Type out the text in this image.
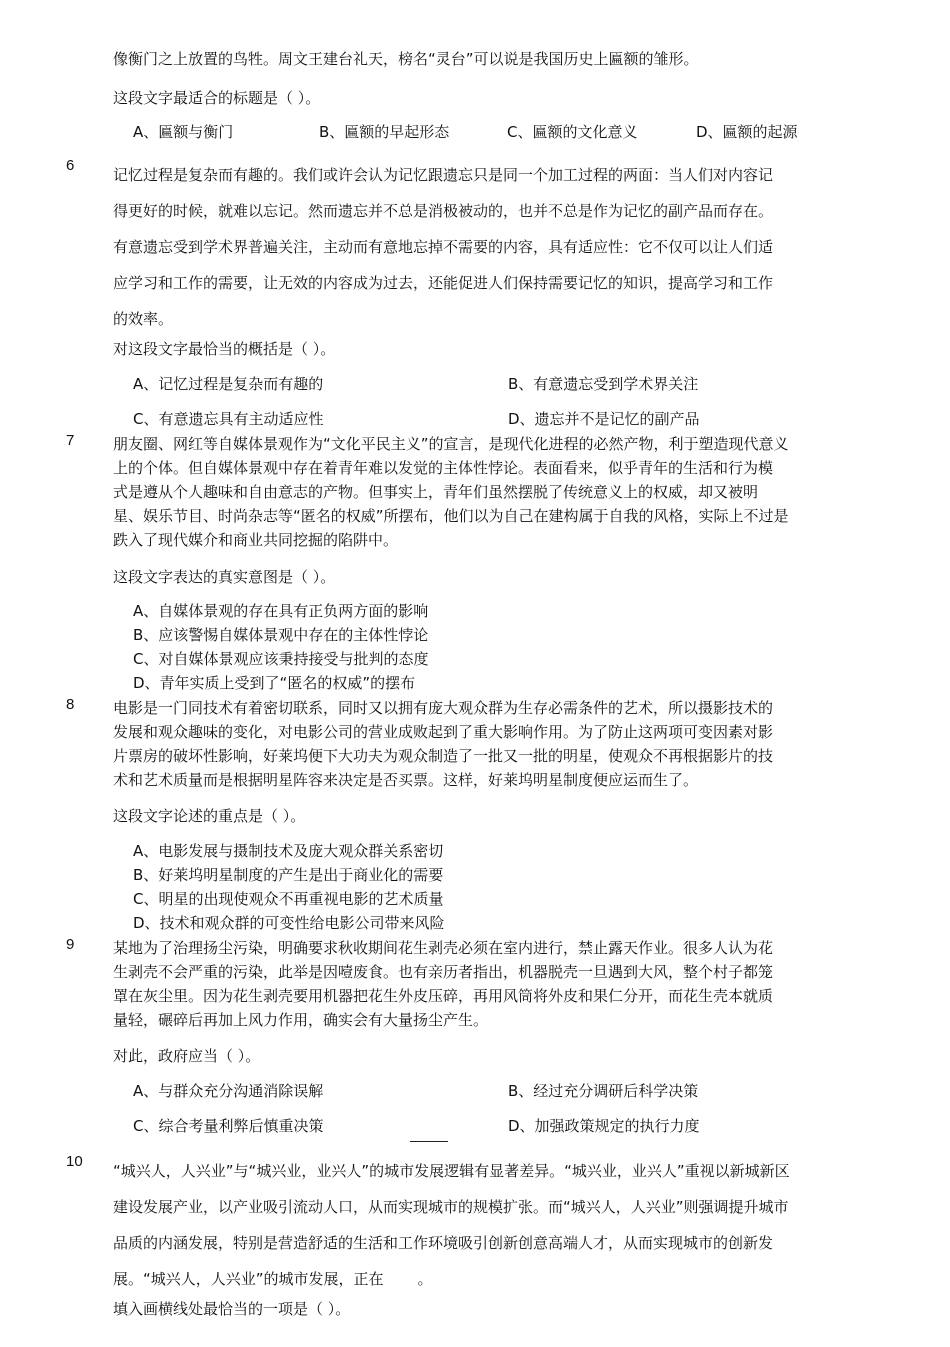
像衡门之上放置的鸟牲。周文王建台礼天，榜名“灵台”可以说是我国历史上匾额的雏形。

这段文字最适合的标题是（ ）。

A、匾额与衡门	B、匾额的早起形态	C、匾额的文化意义	D、匾额的起源
6
记忆过程是复杂而有趣的。我们或许会认为记忆跟遗忘只是同一个加工过程的两面：当人们对内容记
得更好的时候，就难以忘记。然而遗忘并不总是消极被动的，也并不总是作为记忆的副产品而存在。
有意遗忘受到学术界普遍关注，主动而有意地忘掉不需要的内容，具有适应性：它不仅可以让人们适
应学习和工作的需要，让无效的内容成为过去，还能促进人们保持需要记忆的知识，提高学习和工作
的效率。

对这段文字最恰当的概括是（ ）。

A、记忆过程是复杂而有趣的	B、有意遗忘受到学术界关注
C、有意遗忘具有主动适应性	D、遗忘并不是记忆的副产品
7	朋友圈、网红等自媒体景观作为“文化平民主义”的宣言，是现代化进程的必然产物，利于塑造现代意义
上的个体。但自媒体景观中存在着青年难以发觉的主体性悖论。表面看来，似乎青年的生活和行为模
式是遵从个人趣味和自由意志的产物。但事实上，青年们虽然摆脱了传统意义上的权威，却又被明
星、娱乐节目、时尚杂志等“匿名的权威”所摆布，他们以为自己在建构属于自我的风格，实际上不过是
跌入了现代媒介和商业共同挖掘的陷阱中。

这段文字表达的真实意图是（ ）。

A、自媒体景观的存在具有正负两方面的影响
B、应该警惕自媒体景观中存在的主体性悖论
C、对自媒体景观应该秉持接受与批判的态度
D、青年实质上受到了“匿名的权威”的摆布
8	电影是一门同技术有着密切联系，同时又以拥有庞大观众群为生存必需条件的艺术，所以摄影技术的
发展和观众趣味的变化，对电影公司的营业成败起到了重大影响作用。为了防止这两项可变因素对影
片票房的破坏性影响，好莱坞便下大功夫为观众制造了一批又一批的明星，使观众不再根据影片的技
术和艺术质量而是根据明星阵容来决定是否买票。这样，好莱坞明星制度便应运而生了。

这段文字论述的重点是（ ）。

A、电影发展与摄制技术及庞大观众群关系密切
B、好莱坞明星制度的产生是出于商业化的需要
C、明星的出现使观众不再重视电影的艺术质量
D、技术和观众群的可变性给电影公司带来风险
9	某地为了治理扬尘污染，明确要求秋收期间花生剥壳必须在室内进行，禁止露天作业。很多人认为花
生剥壳不会严重的污染，此举是因噎废食。也有亲历者指出，机器脱壳一旦遇到大风，整个村子都笼
罩在灰尘里。因为花生剥壳要用机器把花生外皮压碎，再用风筒将外皮和果仁分开，而花生壳本就质
量轻，碾碎后再加上风力作用，确实会有大量扬尘产生。

对此，政府应当（ ）。

A、与群众充分沟通消除误解	B、经过充分调研后科学决策
C、综合考量利弊后慎重决策	D、加强政策规定的执行力度
10
“城兴人，人兴业”与“城兴业，业兴人”的城市发展逻辑有显著差异。“城兴业，业兴人”重视以新城新区
建设发展产业，以产业吸引流动人口，从而实现城市的规模扩张。而“城兴人，人兴业”则强调提升城市
品质的内涵发展，特别是营造舒适的生活和工作环境吸引创新创意高端人才，从而实现城市的创新发
展。“城兴人，人兴业”的城市发展，正在 。

填入画横线处最恰当的一项是（ ）。
